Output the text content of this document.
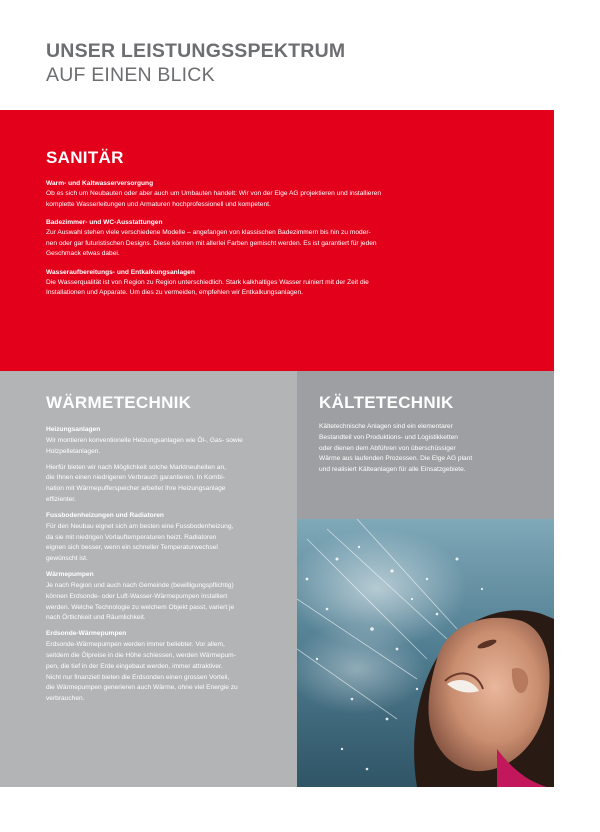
UNSER LEISTUNGSSPEKTRUM
AUF EINEN BLICK
SANITÄR
Warm- und Kaltwasserversorgung
Ob es sich um Neubauten oder aber auch um Umbauten handelt: Wir von der Elge AG projektieren und installieren
komplette Wasserleitungen und Armaturen hochprofessionell und kompetent.
Badezimmer- und WC-Ausstattungen
Zur Auswahl stehen viele verschiedene Modelle – angefangen von klassischen Badezimmern bis hin zu moder-
nen oder gar futuristischen Designs. Diese können mit allerlei Farben gemischt werden. Es ist garantiert für jeden
Geschmack etwas dabei.
Wasseraufbereitungs- und Entkalkungsanlagen
Die Wasserqualität ist von Region zu Region unterschiedlich. Stark kalkhaltiges Wasser ruiniert mit der Zeit die
Installationen und Apparate. Um dies zu vermeiden, empfehlen wir Entkalkungsanlagen.
WÄRMETECHNIK
Heizungsanlagen
Wir montieren konventionelle Heizungsanlagen wie Öl-, Gas- sowie
Holzpelletanlagen.
Hierfür bieten wir nach Möglichkeit solche Marktneuheiten an,
die Ihnen einen niedrigeren Verbrauch garantieren. In Kombi-
nation mit Wärmepufferspeicher arbeitet Ihre Heizungsanlage
effizienter.
Fussbodenheizungen und Radiatoren
Für den Neubau eignet sich am besten eine Fussbodenheizung,
da sie mit niedrigen Vorlauftemperaturen heizt. Radiatoren
eignen sich besser, wenn ein schneller Temperaturwechsel
gewünscht ist.
Wärmepumpen
Je nach Region und auch nach Gemeinde (bewilligungspflichtig)
können Erdsonde- oder Luft-Wasser-Wärmepumpen installiert
werden. Welche Technologie zu welchem Objekt passt, variert je
nach Örtlichkeit und Räumlichkeit.
Erdsonde-Wärmepumpen
Erdsonde-Wärmepumpen werden immer beliebter. Vor allem,
seitdem die Ölpreise in die Höhe schiessen, werden Wärmepum-
pen, die tief in der Erde eingebaut werden, immer attraktiver.
Nicht nur finanziell bieten die Erdsonden einen grossen Vorteil,
die Wärmepumpen generieren auch Wärme, ohne viel Energie zu
verbrauchen.
KÄLTETECHNIK
Kältetechnische Anlagen sind ein elementarer
Bestandteil von Produktions- und Logistikketten
oder dienen dem Abführen von überschüssiger
Wärme aus laufenden Prozessen. Die Elge AG plant
und realisiert Kälteanlagen für alle Einsatzgebiete.
